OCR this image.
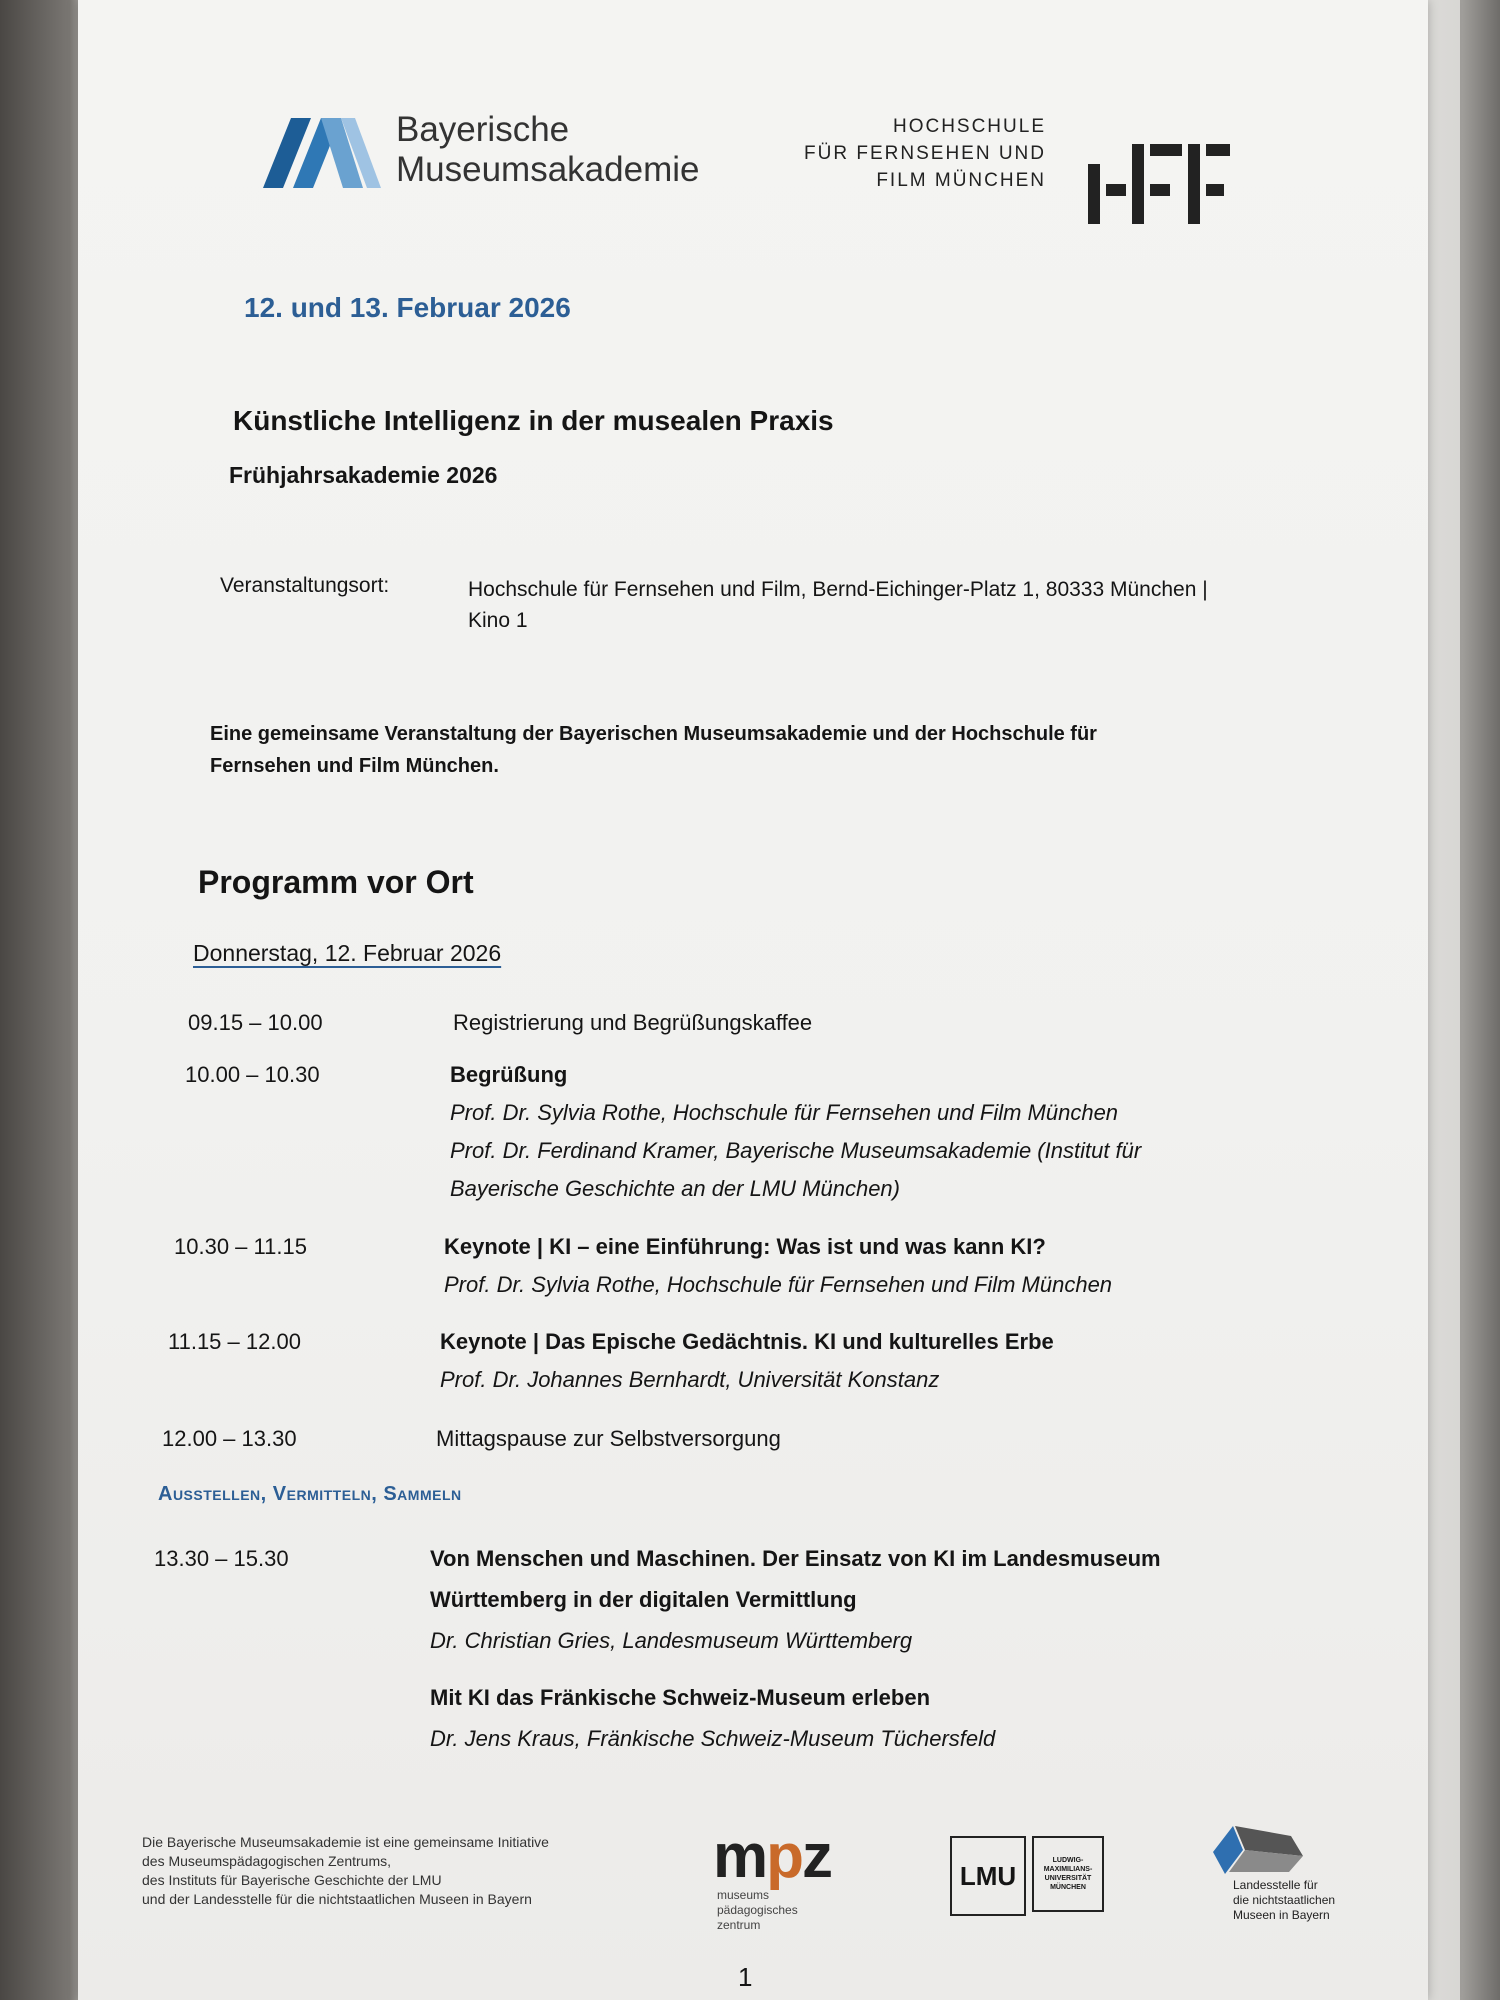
Bayerische
Museumsakademie
HOCHSCHULE
FÜR FERNSEHEN UND
FILM MÜNCHEN
12. und 13. Februar 2026
Künstliche Intelligenz in der musealen Praxis
Frühjahrsakademie 2026
Veranstaltungsort:	Hochschule für Fernsehen und Film, Bernd-Eichinger-Platz 1, 80333 München |
Kino 1
Eine gemeinsame Veranstaltung der Bayerischen Museumsakademie und der Hochschule für
Fernsehen und Film München.
Programm vor Ort
Donnerstag, 12. Februar 2026
09.15 – 10.00	Registrierung und Begrüßungskaffee
10.00 – 10.30	Begrüßung
Prof. Dr. Sylvia Rothe, Hochschule für Fernsehen und Film München
Prof. Dr. Ferdinand Kramer, Bayerische Museumsakademie (Institut für
Bayerische Geschichte an der LMU München)
10.30 – 11.15	Keynote | KI – eine Einführung: Was ist und was kann KI?
Prof. Dr. Sylvia Rothe, Hochschule für Fernsehen und Film München
11.15 – 12.00	Keynote | Das Epische Gedächtnis. KI und kulturelles Erbe
Prof. Dr. Johannes Bernhardt, Universität Konstanz
12.00 – 13.30	Mittagspause zur Selbstversorgung
Ausstellen, Vermitteln, Sammeln
13.30 – 15.30	Von Menschen und Maschinen. Der Einsatz von KI im Landesmuseum
Württemberg in der digitalen Vermittlung
Dr. Christian Gries, Landesmuseum Württemberg
Mit KI das Fränkische Schweiz-Museum erleben
Dr. Jens Kraus, Fränkische Schweiz-Museum Tüchersfeld
Die Bayerische Museumsakademie ist eine gemeinsame Initiative
des Museumspädagogischen Zentrums,
des Instituts für Bayerische Geschichte der LMU
und der Landesstelle für die nichtstaatlichen Museen in Bayern
mpz
museums
pädagogisches
zentrum
LMU	LUDWIG-
MAXIMILIANS-
UNIVERSITÄT
MÜNCHEN	Landesstelle für
die nichtstaatlichen
Museen in Bayern
1
